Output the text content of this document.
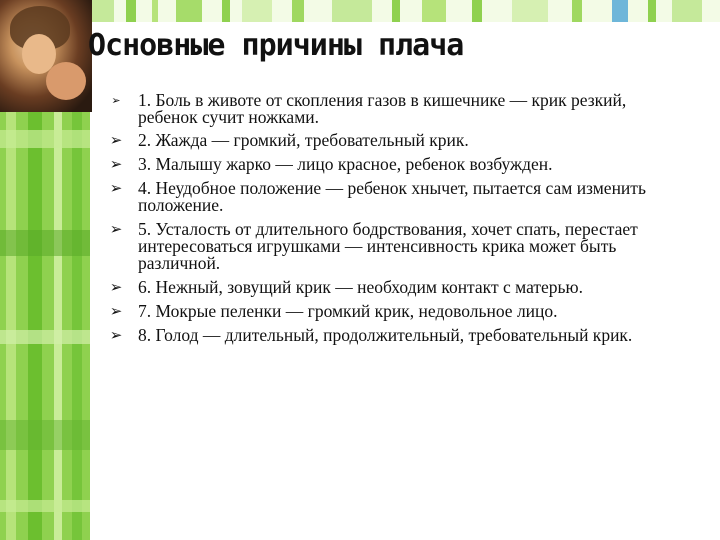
Основные причины плача
➢ 1. Боль в животе от скопления газов в кишечнике — крик резкий, ребенок сучит ножками.
➢ 2. Жажда — громкий, требовательный крик.
➢ 3. Малышу жарко — лицо красное, ребенок возбужден.
➢ 4. Неудобное положение — ребенок хнычет, пытается сам изменить положение.
➢ 5. Усталость от длительного бодрствования, хочет спать, перестает интересоваться игрушками — интенсивность крика может быть различной.
➢ 6. Нежный, зовущий крик — необходим контакт с матерью.
➢ 7. Мокрые пеленки — громкий крик, недовольное лицо.
➢ 8. Голод — длительный, продолжительный, требовательный крик.
